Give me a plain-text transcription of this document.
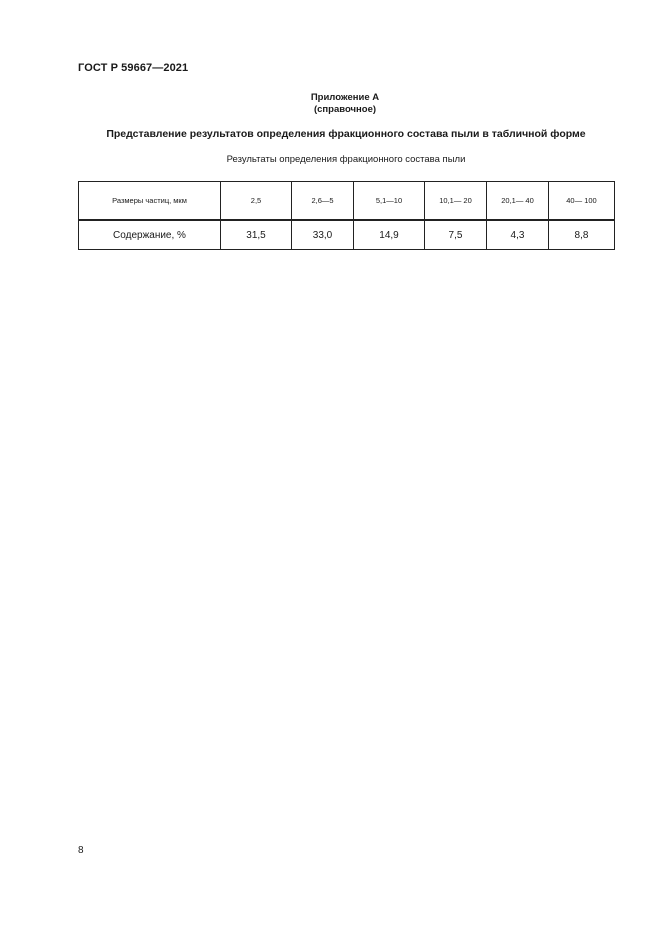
ГОСТ Р 59667—2021
Приложение А
(справочное)
Представление результатов определения фракционного состава пыли в табличной форме
Результаты определения фракционного состава пыли
Размеры частиц, мкм	2,5	2,6—5	5,1—10	10,1— 20	20,1— 40	40— 100
Содержание, %	31,5	33,0	14,9	7,5	4,3	8,8
8
